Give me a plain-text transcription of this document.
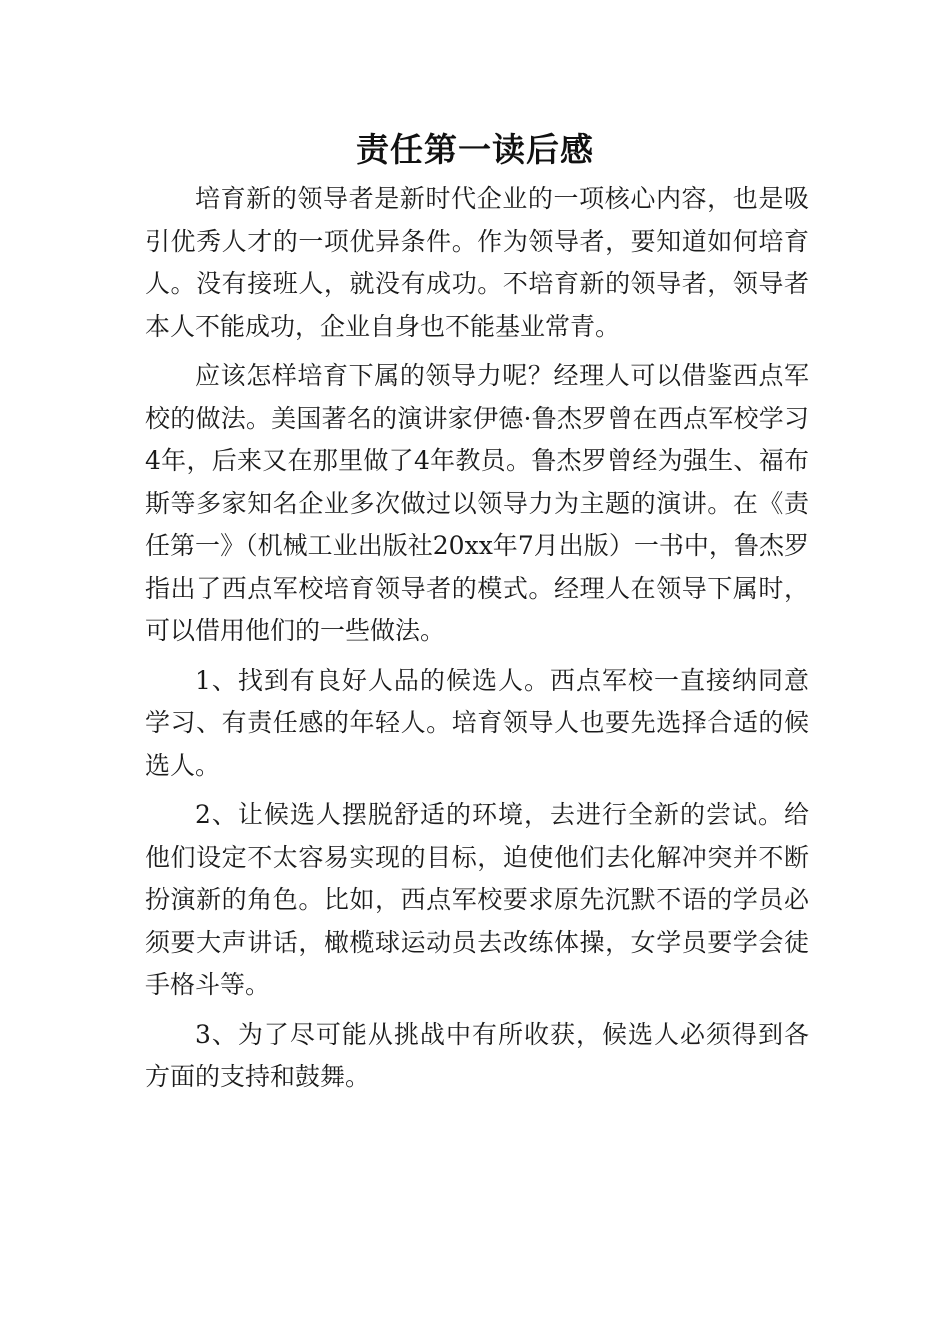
责任第一读后感

培育新的领导者是新时代企业的一项核心内容，也是吸引优秀人才的一项优异条件。作为领导者，要知道如何培育人。没有接班人，就没有成功。不培育新的领导者，领导者本人不能成功，企业自身也不能基业常青。

应该怎样培育下属的领导力呢？经理人可以借鉴西点军校的做法。美国著名的演讲家伊德·鲁杰罗曾在西点军校学习4年，后来又在那里做了4年教员。鲁杰罗曾经为强生、福布斯等多家知名企业多次做过以领导力为主题的演讲。在《责任第一》（机械工业出版社20xx年7月出版）一书中，鲁杰罗指出了西点军校培育领导者的模式。经理人在领导下属时，可以借用他们的一些做法。

1、找到有良好人品的候选人。西点军校一直接纳同意学习、有责任感的年轻人。培育领导人也要先选择合适的候选人。

2、让候选人摆脱舒适的环境，去进行全新的尝试。给他们设定不太容易实现的目标，迫使他们去化解冲突并不断扮演新的角色。比如，西点军校要求原先沉默不语的学员必须要大声讲话，橄榄球运动员去改练体操，女学员要学会徒手格斗等。

3、为了尽可能从挑战中有所收获，候选人必须得到各方面的支持和鼓舞。
